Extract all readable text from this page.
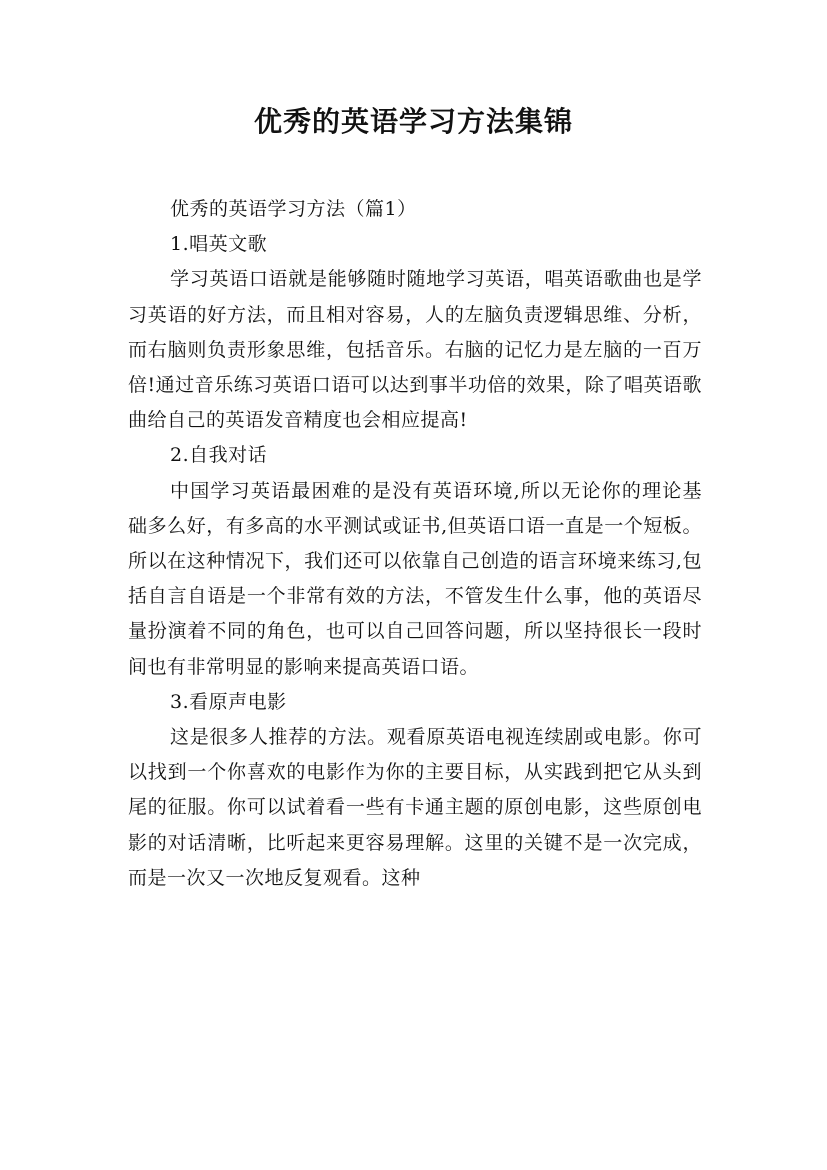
优秀的英语学习方法集锦

优秀的英语学习方法（篇1）

1.唱英文歌

学习英语口语就是能够随时随地学习英语，唱英语歌曲也是学习英语的好方法，而且相对容易，人的左脑负责逻辑思维、分析，而右脑则负责形象思维，包括音乐。右脑的记忆力是左脑的一百万倍!通过音乐练习英语口语可以达到事半功倍的效果，除了唱英语歌曲给自己的英语发音精度也会相应提高!

2.自我对话

中国学习英语最困难的是没有英语环境,所以无论你的理论基础多么好，有多高的水平测试或证书,但英语口语一直是一个短板。所以在这种情况下，我们还可以依靠自己创造的语言环境来练习,包括自言自语是一个非常有效的方法，不管发生什么事，他的英语尽量扮演着不同的角色，也可以自己回答问题，所以坚持很长一段时间也有非常明显的影响来提高英语口语。

3.看原声电影

这是很多人推荐的方法。观看原英语电视连续剧或电影。你可以找到一个你喜欢的电影作为你的主要目标，从实践到把它从头到尾的征服。你可以试着看一些有卡通主题的原创电影，这些原创电影的对话清晰，比听起来更容易理解。这里的关键不是一次完成，而是一次又一次地反复观看。这种
